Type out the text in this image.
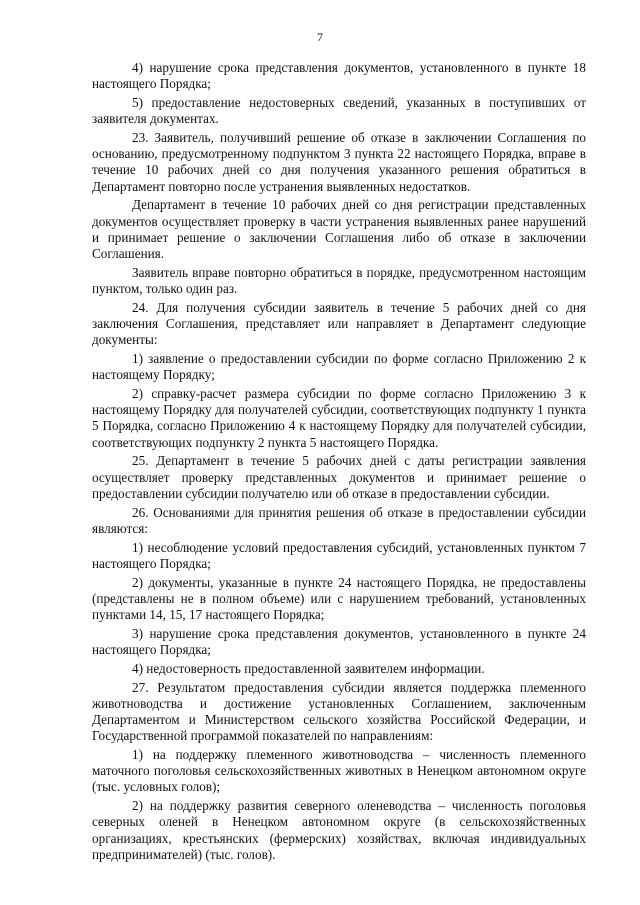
7

4) нарушение срока представления документов, установленного в пункте 18 настоящего Порядка;

5) предоставление недостоверных сведений, указанных в поступивших от заявителя документах.

23. Заявитель, получивший решение об отказе в заключении Соглашения по основанию, предусмотренному подпунктом 3 пункта 22 настоящего Порядка, вправе в течение 10 рабочих дней со дня получения указанного решения обратиться в Департамент повторно после устранения выявленных недостатков.

Департамент в течение 10 рабочих дней со дня регистрации представленных документов осуществляет проверку в части устранения выявленных ранее нарушений и принимает решение о заключении Соглашения либо об отказе в заключении Соглашения.

Заявитель вправе повторно обратиться в порядке, предусмотренном настоящим пунктом, только один раз.

24. Для получения субсидии заявитель в течение 5 рабочих дней со дня заключения Соглашения, представляет или направляет в Департамент следующие документы:

1) заявление о предоставлении субсидии по форме согласно Приложению 2 к настоящему Порядку;

2) справку-расчет размера субсидии по форме согласно Приложению 3 к настоящему Порядку для получателей субсидии, соответствующих подпункту 1 пункта 5 Порядка, согласно Приложению 4 к настоящему Порядку для получателей субсидии, соответствующих подпункту 2 пункта 5 настоящего Порядка.

25. Департамент в течение 5 рабочих дней с даты регистрации заявления осуществляет проверку представленных документов и принимает решение о предоставлении субсидии получателю или об отказе в предоставлении субсидии.

26. Основаниями для принятия решения об отказе в предоставлении субсидии являются:

1) несоблюдение условий предоставления субсидий, установленных пунктом 7 настоящего Порядка;

2) документы, указанные в пункте 24 настоящего Порядка, не предоставлены (представлены не в полном объеме) или с нарушением требований, установленных пунктами 14, 15, 17 настоящего Порядка;

3) нарушение срока представления документов, установленного в пункте 24 настоящего Порядка;

4) недостоверность предоставленной заявителем информации.

27. Результатом предоставления субсидии является поддержка племенного животноводства и достижение установленных Соглашением, заключенным Департаментом и Министерством сельского хозяйства Российской Федерации, и Государственной программой показателей по направлениям:

1) на поддержку племенного животноводства – численность племенного маточного поголовья сельскохозяйственных животных в Ненецком автономном округе (тыс. условных голов);

2) на поддержку развития северного оленеводства – численность поголовья северных оленей в Ненецком автономном округе (в сельскохозяйственных организациях, крестьянских (фермерских) хозяйствах, включая индивидуальных предпринимателей) (тыс. голов).
